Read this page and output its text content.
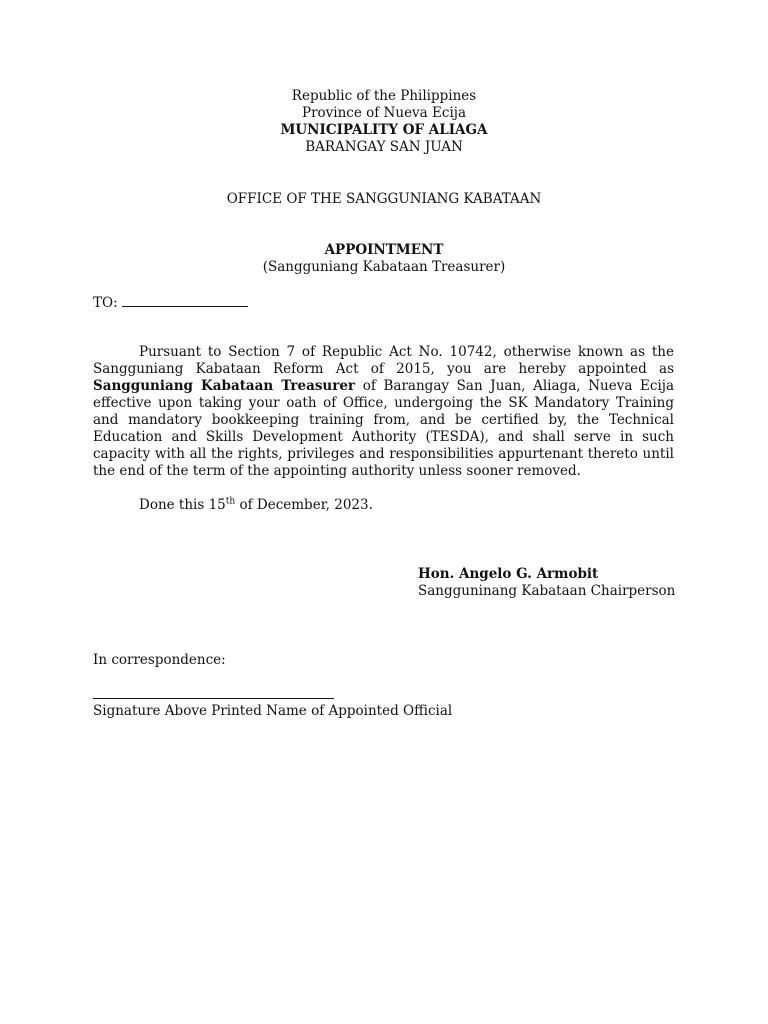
Republic of the Philippines
Province of Nueva Ecija
MUNICIPALITY OF ALIAGA
BARANGAY SAN JUAN
OFFICE OF THE SANGGUNIANG KABATAAN
APPOINTMENT
(Sangguniang Kabataan Treasurer)
TO:
Pursuant to Section 7 of Republic Act No. 10742, otherwise known as the Sangguniang Kabataan Reform Act of 2015, you are hereby appointed as Sangguniang Kabataan Treasurer of Barangay San Juan, Aliaga, Nueva Ecija effective upon taking your oath of Office, undergoing the SK Mandatory Training and mandatory bookkeeping training from, and be certified by, the Technical Education and Skills Development Authority (TESDA), and shall serve in such capacity with all the rights, privileges and responsibilities appurtenant thereto until the end of the term of the appointing authority unless sooner removed.
Done this 15th of December, 2023.
Hon. Angelo G. Armobit
Sangguninang Kabataan Chairperson
In correspondence:
Signature Above Printed Name of Appointed Official
